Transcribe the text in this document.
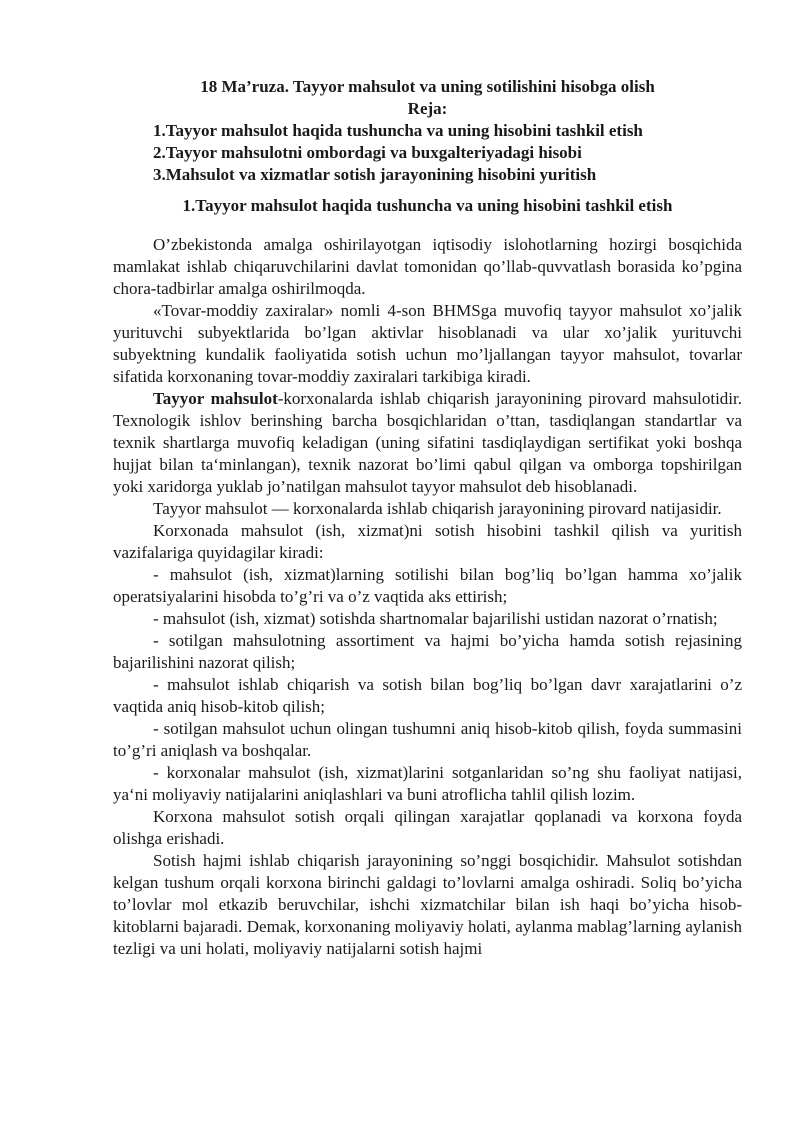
18 Ma’ruza. Tayyor mahsulot va uning sotilishini hisobga olish

Reja:

1.Tayyor mahsulot haqida tushuncha va uning hisobini tashkil etish
2.Tayyor mahsulotni ombordagi va buxgalteriyadagi hisobi
3.Mahsulot va xizmatlar sotish jarayonining hisobini yuritish

1.Tayyor mahsulot haqida tushuncha va uning hisobini tashkil etish

O’zbekistonda amalga oshirilayotgan iqtisodiy islohotlarning hozirgi bosqichida mamlakat ishlab chiqaruvchilarini davlat tomonidan qo’llab-quvvatlash borasida ko’pgina chora-tadbirlar amalga oshirilmoqda.

«Tovar-moddiy zaxiralar» nomli 4-son BHMSga muvofiq tayyor mahsulot xo’jalik yurituvchi subyektlarida bo’lgan aktivlar hisoblanadi va ular xo’jalik yurituvchi subyektning kundalik faoliyatida sotish uchun mo’ljallangan tayyor mahsulot, tovarlar sifatida korxonaning tovar-moddiy zaxiralari tarkibiga kiradi.

Tayyor mahsulot-korxonalarda ishlab chiqarish jarayonining pirovard mahsulotidir. Texnologik ishlov berinshing barcha bosqichlaridan o’ttan, tasdiqlangan standartlar va texnik shartlarga muvofiq keladigan (uning sifatini tasdiqlaydigan sertifikat yoki boshqa hujjat bilan ta‘minlangan), texnik nazorat bo’limi qabul qilgan va omborga topshirilgan yoki xaridorga yuklab jo’natilgan mahsulot tayyor mahsulot deb hisoblanadi.

Tayyor mahsulot — korxonalarda ishlab chiqarish jarayonining pirovard natijasidir.

Korxonada mahsulot (ish, xizmat)ni sotish hisobini tashkil qilish va yuritish vazifalariga quyidagilar kiradi:

- mahsulot (ish, xizmat)larning sotilishi bilan bog’liq bo’lgan hamma xo’jalik operatsiyalarini hisobda to’g’ri va o’z vaqtida aks ettirish;

- mahsulot (ish, xizmat) sotishda shartnomalar bajarilishi ustidan nazorat o’rnatish;

- sotilgan mahsulotning assortiment va hajmi bo’yicha hamda sotish rejasining bajarilishini nazorat qilish;

- mahsulot ishlab chiqarish va sotish bilan bog’liq bo’lgan davr xarajatlarini o’z vaqtida aniq hisob-kitob qilish;

- sotilgan mahsulot uchun olingan tushumni aniq hisob-kitob qilish, foyda summasini to’g’ri aniqlash va boshqalar.

- korxonalar mahsulot (ish, xizmat)larini sotganlaridan so’ng shu faoliyat natijasi, ya‘ni moliyaviy natijalarini aniqlashlari va buni atroflicha tahlil qilish lozim.

Korxona mahsulot sotish orqali qilingan xarajatlar qoplanadi va korxona foyda olishga erishadi.

Sotish hajmi ishlab chiqarish jarayonining so’nggi bosqichidir. Mahsulot sotishdan kelgan tushum orqali korxona birinchi galdagi to’lovlarni amalga oshiradi. Soliq bo’yicha to’lovlar mol etkazib beruvchilar, ishchi xizmatchilar bilan ish haqi bo’yicha hisob-kitoblarni bajaradi. Demak, korxonaning moliyaviy holati, aylanma mablag’larning aylanish tezligi va uni holati, moliyaviy natijalarni sotish hajmi
